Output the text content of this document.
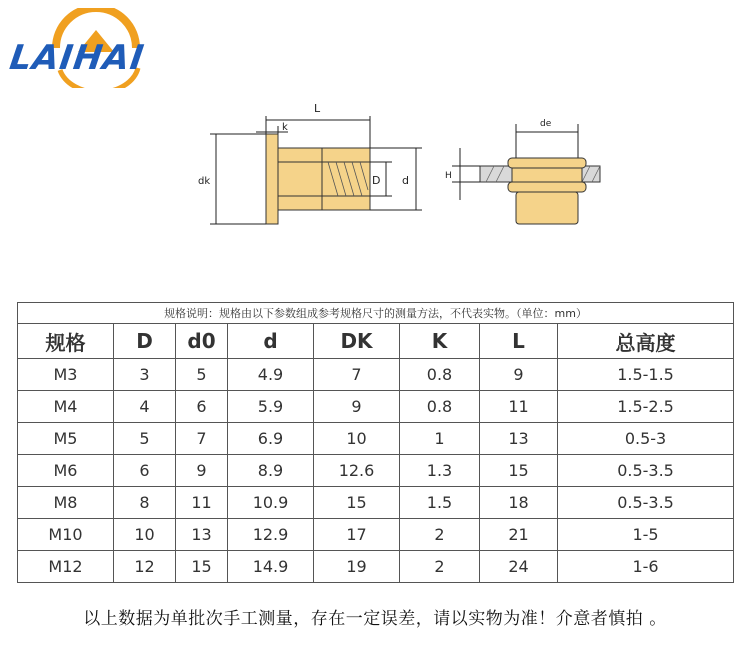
LAIHAI
L
k
dk	D d
de
H
规格说明：规格由以下参数组成参考规格尺寸的测量方法，不代表实物。（单位：mm）							
规格	D	d0	d	DK	K	L	总高度
M3	3	5	4.9	7	0.8	9	1.5-1.5
M4	4	6	5.9	9	0.8	11	1.5-2.5
M5	5	7	6.9	10	1	13	0.5-3
M6	6	9	8.9	12.6	1.3	15	0.5-3.5
M8	8	11	10.9	15	1.5	18	0.5-3.5
M10	10	13	12.9	17	2	21	1-5
M12	12	15	14.9	19	2	24	1-6
以上数据为单批次手工测量，存在一定误差，请以实物为准！介意者慎拍 。
